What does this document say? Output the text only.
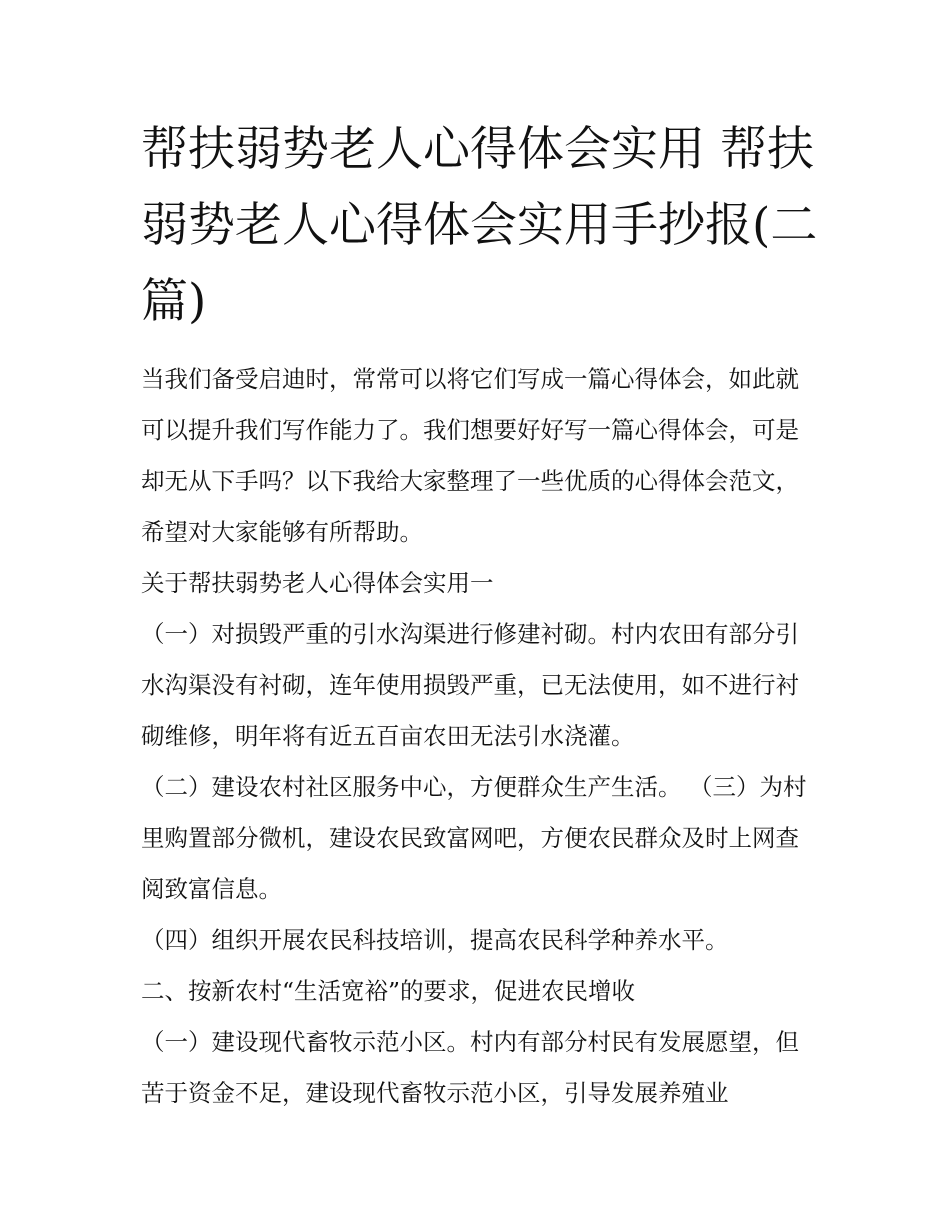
帮扶弱势老人心得体会实用 帮扶弱势老人心得体会实用手抄报(二篇)

当我们备受启迪时，常常可以将它们写成一篇心得体会，如此就可以提升我们写作能力了。我们想要好好写一篇心得体会，可是却无从下手吗？以下我给大家整理了一些优质的心得体会范文，希望对大家能够有所帮助。

关于帮扶弱势老人心得体会实用一

（一）对损毁严重的引水沟渠进行修建衬砌。村内农田有部分引水沟渠没有衬砌，连年使用损毁严重，已无法使用，如不进行衬砌维修，明年将有近五百亩农田无法引水浇灌。

（二）建设农村社区服务中心，方便群众生产生活。 （三）为村里购置部分微机，建设农民致富网吧，方便农民群众及时上网查阅致富信息。

（四）组织开展农民科技培训，提高农民科学种养水平。

二、按新农村“生活宽裕”的要求，促进农民增收

（一）建设现代畜牧示范小区。村内有部分村民有发展愿望，但苦于资金不足，建设现代畜牧示范小区，引导发展养殖业
